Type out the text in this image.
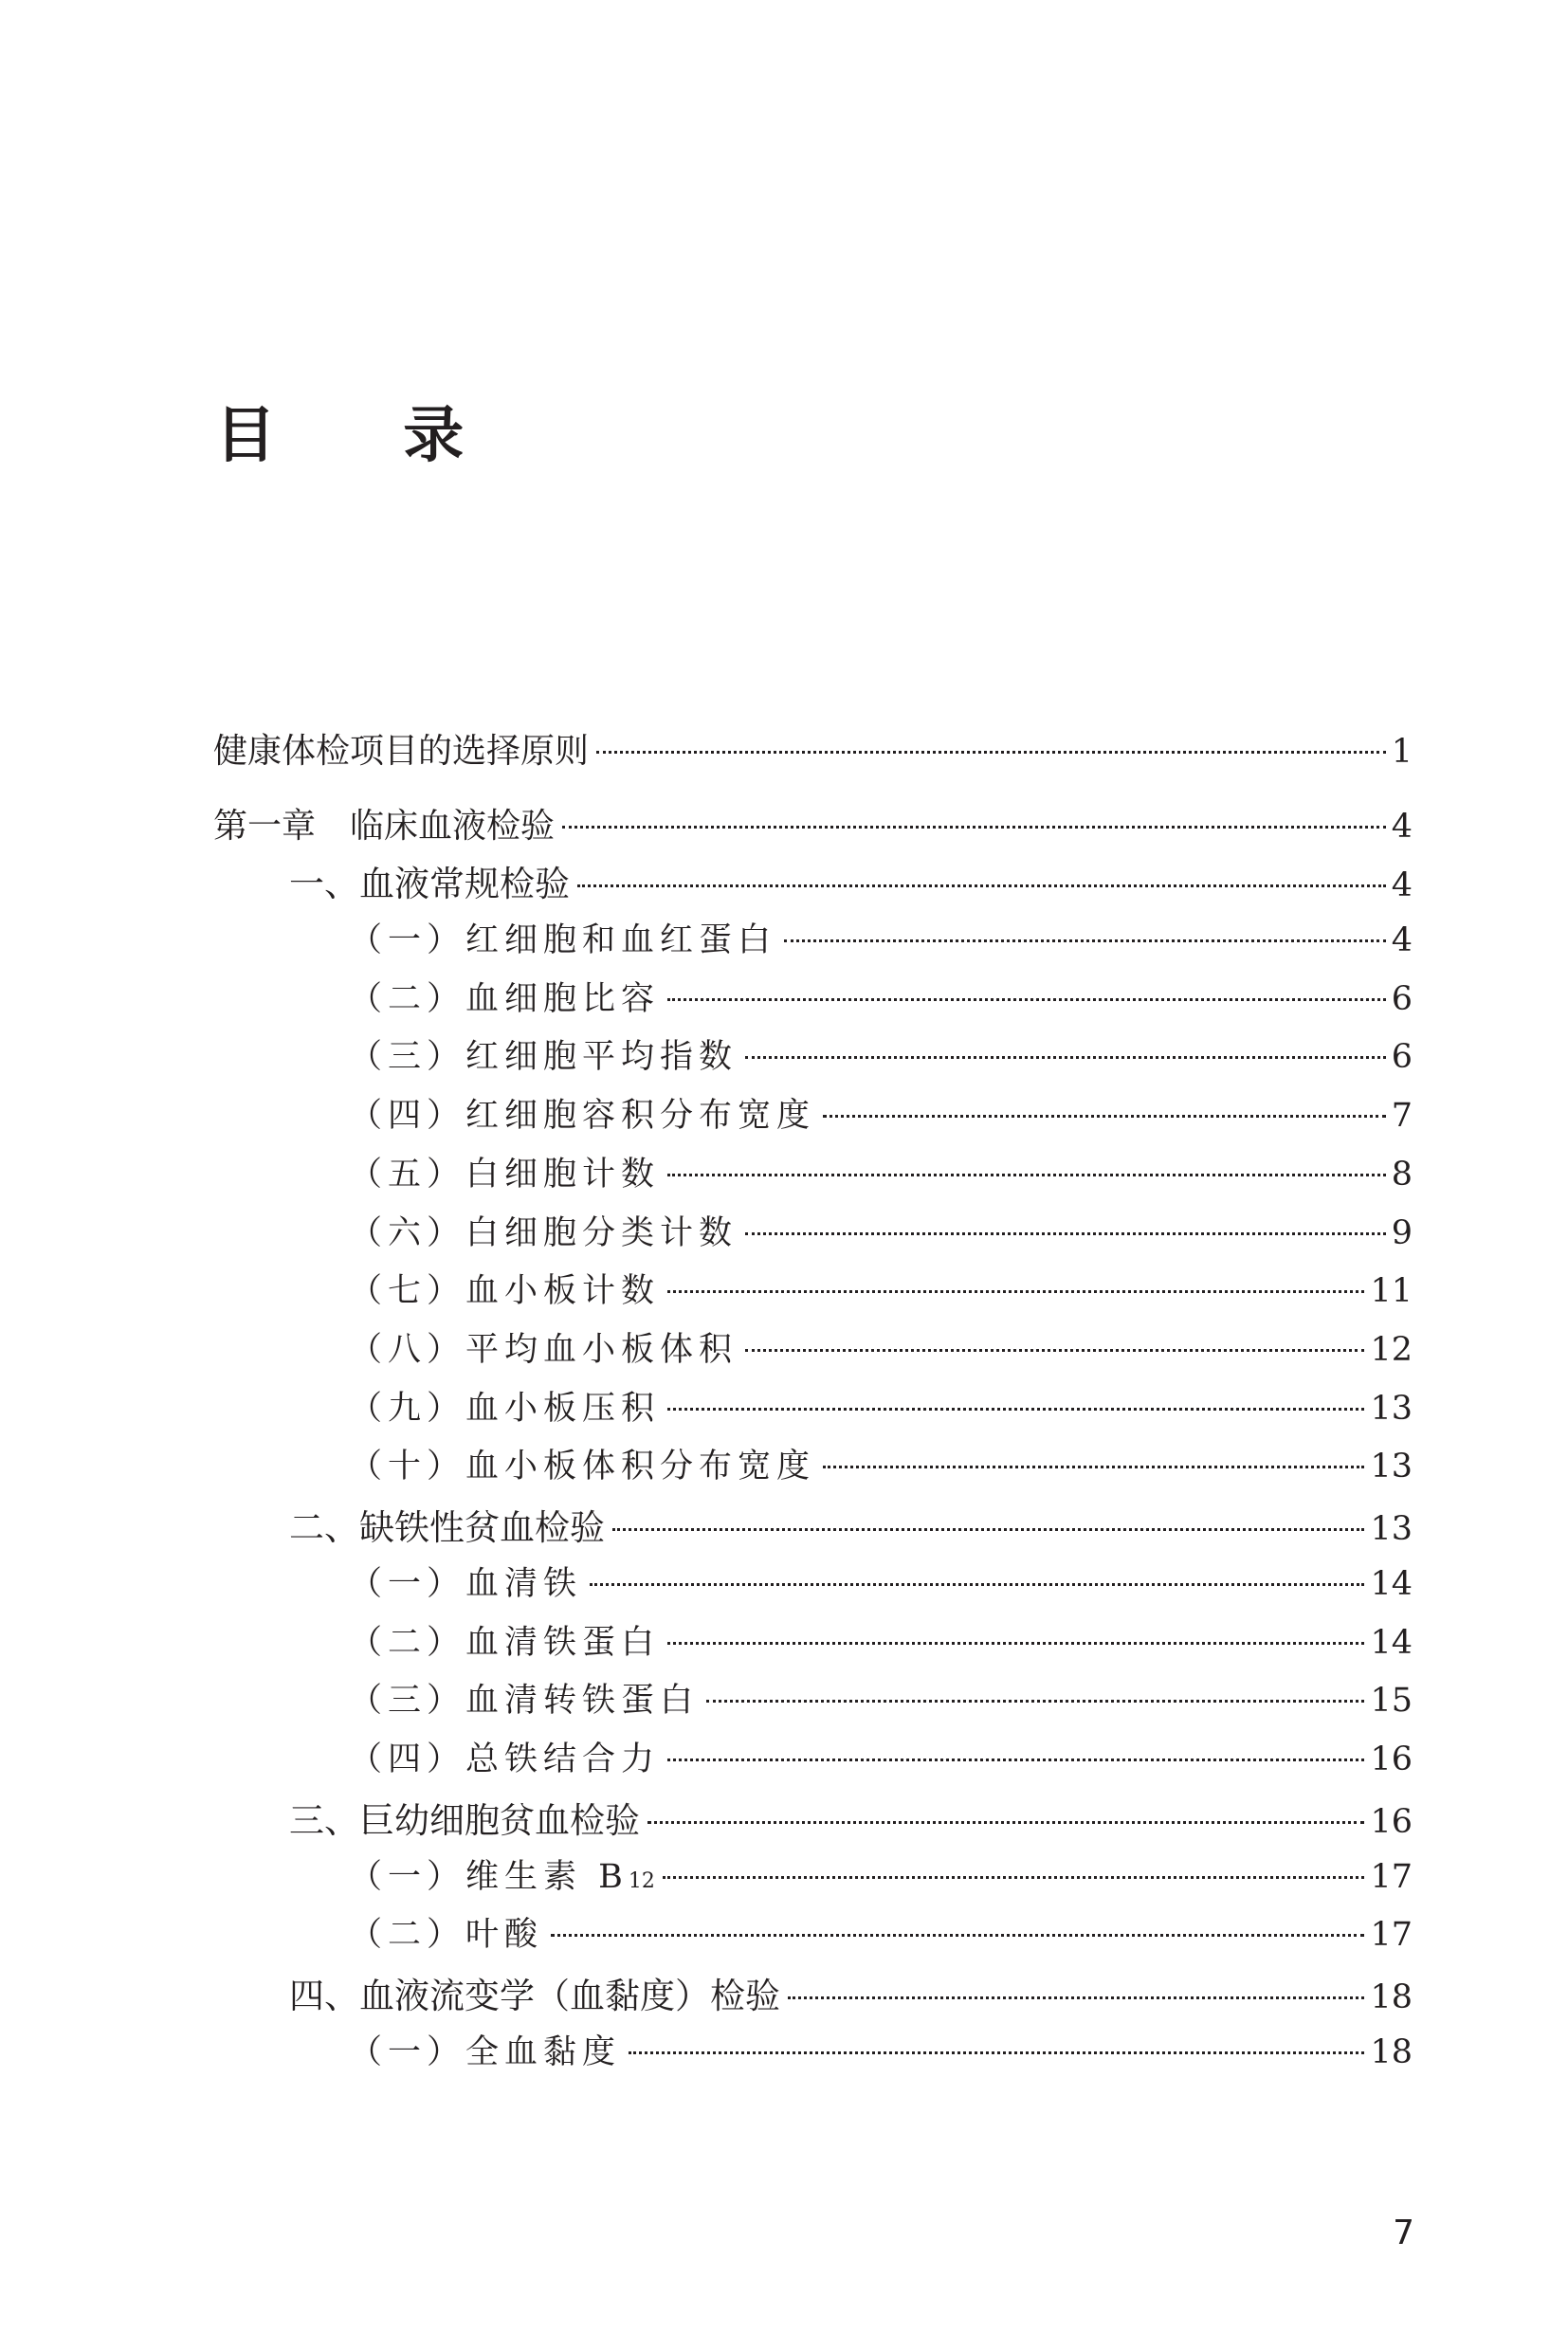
目 录
健康体检项目的选择原则	1
第一章　临床血液检验	4
一、血液常规检验	4
（一）红细胞和血红蛋白	4
（二）血细胞比容	6
（三）红细胞平均指数	6
（四）红细胞容积分布宽度	7
（五）白细胞计数	8
（六）白细胞分类计数	9
（七）血小板计数	11
（八）平均血小板体积	12
（九）血小板压积	13
（十）血小板体积分布宽度	13
二、缺铁性贫血检验	13
（一）血清铁	14
（二）血清铁蛋白	14
（三）血清转铁蛋白	15
（四）总铁结合力	16
三、巨幼细胞贫血检验	16
（一）维生素 $B_{12}$	17
（二）叶酸	17
四、血液流变学（血黏度）检验	18
（一）全血黏度	18
7
